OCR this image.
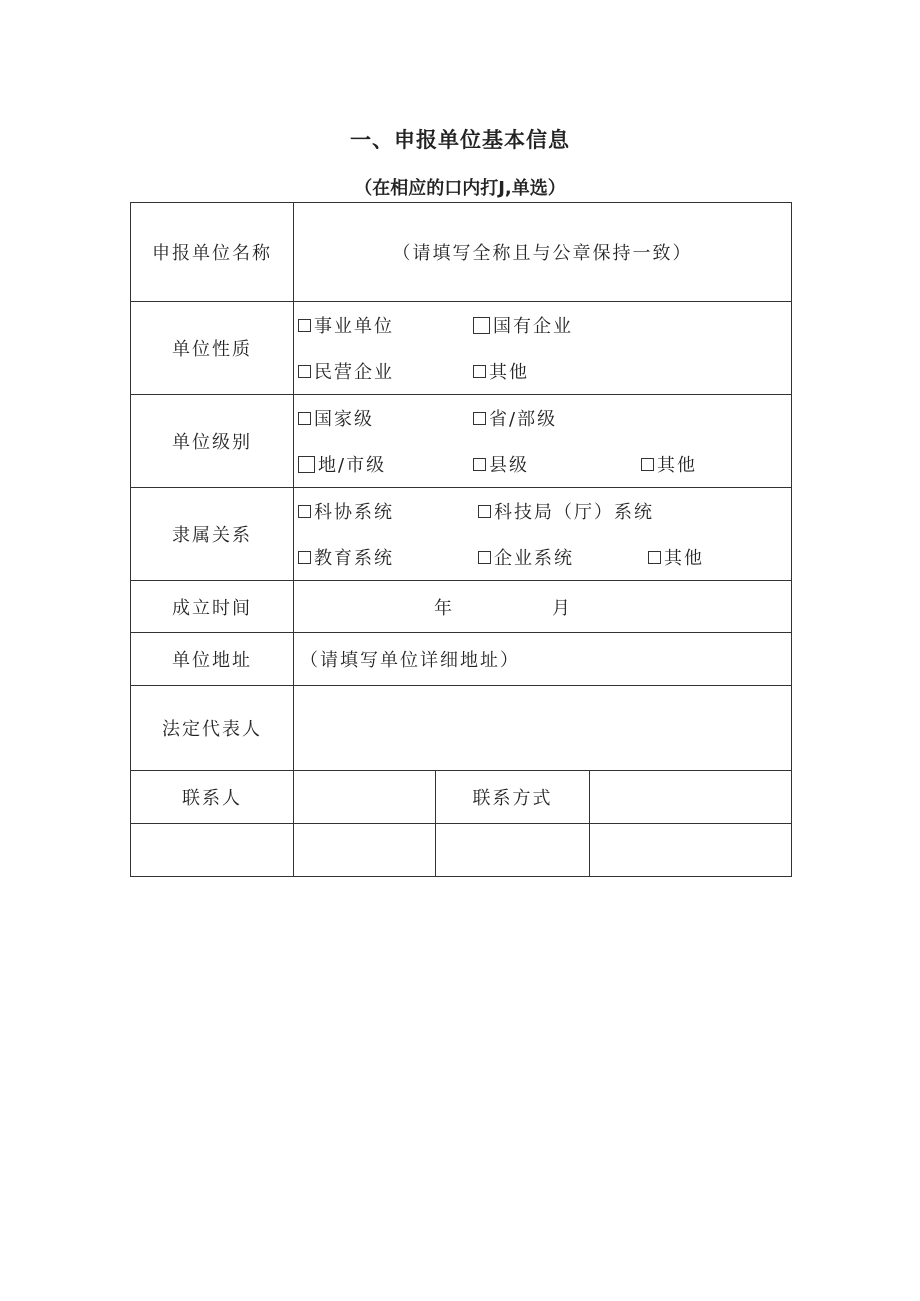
一、申报单位基本信息
（在相应的口内打J,单选）
申报单位名称	（请填写全称且与公章保持一致）		
单位性质	事业单位 国有企业
民营企业 其他		

单位级别	国家级 省/部级
地/市级 县级 其他		

隶属关系	科协系统 科技局（厅）系统
教育系统 企业系统 其他		

成立时间	年 月		

单位地址	（请填写单位详细地址）		
法定代表人			
联系人		联系方式	
